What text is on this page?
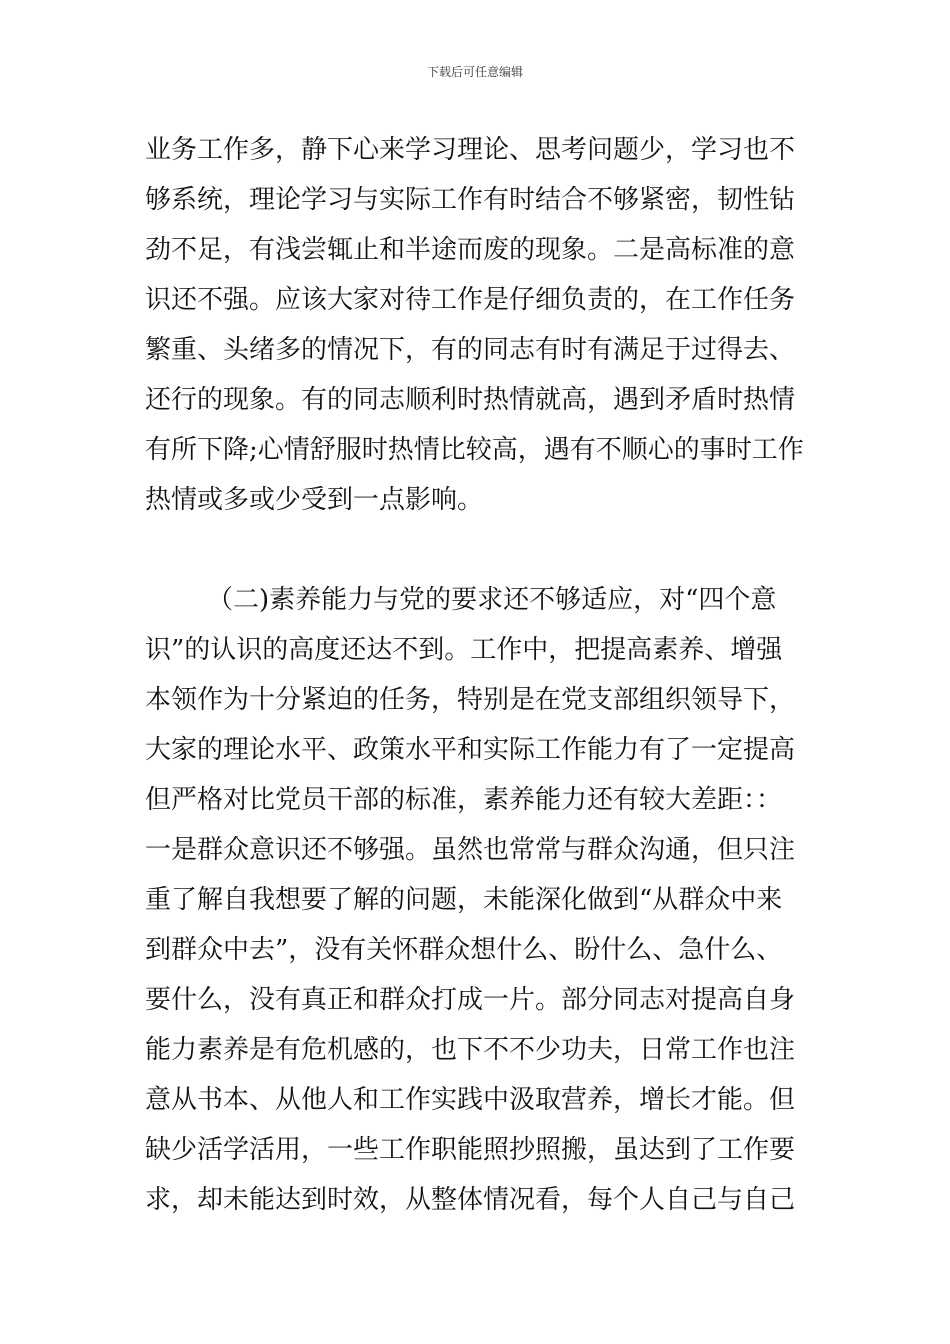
下载后可任意编辑
业务工作多，静下心来学习理论、思考问题少，学习也不
够系统，理论学习与实际工作有时结合不够紧密，韧性钻
劲不足，有浅尝辄止和半途而废的现象。二是高标准的意
识还不强。应该大家对待工作是仔细负责的，在工作任务
繁重、头绪多的情况下，有的同志有时有满足于过得去、
还行的现象。有的同志顺利时热情就高，遇到矛盾时热情
有所下降;心情舒服时热情比较高，遇有不顺心的事时工作
热情或多或少受到一点影响。
（二)素养能力与党的要求还不够适应，对“四个意
识”的认识的高度还达不到。工作中，把提高素养、增强
本领作为十分紧迫的任务，特别是在党支部组织领导下，
大家的理论水平、政策水平和实际工作能力有了一定提高
但严格对比党员干部的标准，素养能力还有较大差距：：
一是群众意识还不够强。虽然也常常与群众沟通，但只注
重了解自我想要了解的问题，未能深化做到“从群众中来
到群众中去”，没有关怀群众想什么、盼什么、急什么、
要什么，没有真正和群众打成一片。部分同志对提高自身
能力素养是有危机感的，也下不不少功夫，日常工作也注
意从书本、从他人和工作实践中汲取营养，增长才能。但
缺少活学活用，一些工作职能照抄照搬，虽达到了工作要
求，却未能达到时效，从整体情况看，每个人自己与自己
